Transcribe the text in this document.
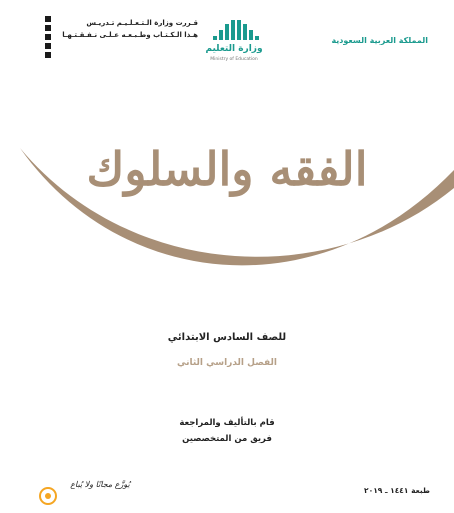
قـررت وزارة الـتـعـلـيـم تـدريـس
هـذا الـكـتـاب وطـبـعـه عـلـى نـفـقـتـهـا
وزارة التعليم
Ministry of Education
المملكة العربية السعودية
الفقه والسلوك
للصف السادس الابتدائي
الفصل الدراسي الثاني
قام بالتأليف والمراجعة
فريق من المتخصصين
طبعة ١٤٤١ ـ ٢٠١٩
يُوزَّع مجانًا ولا يُباع
